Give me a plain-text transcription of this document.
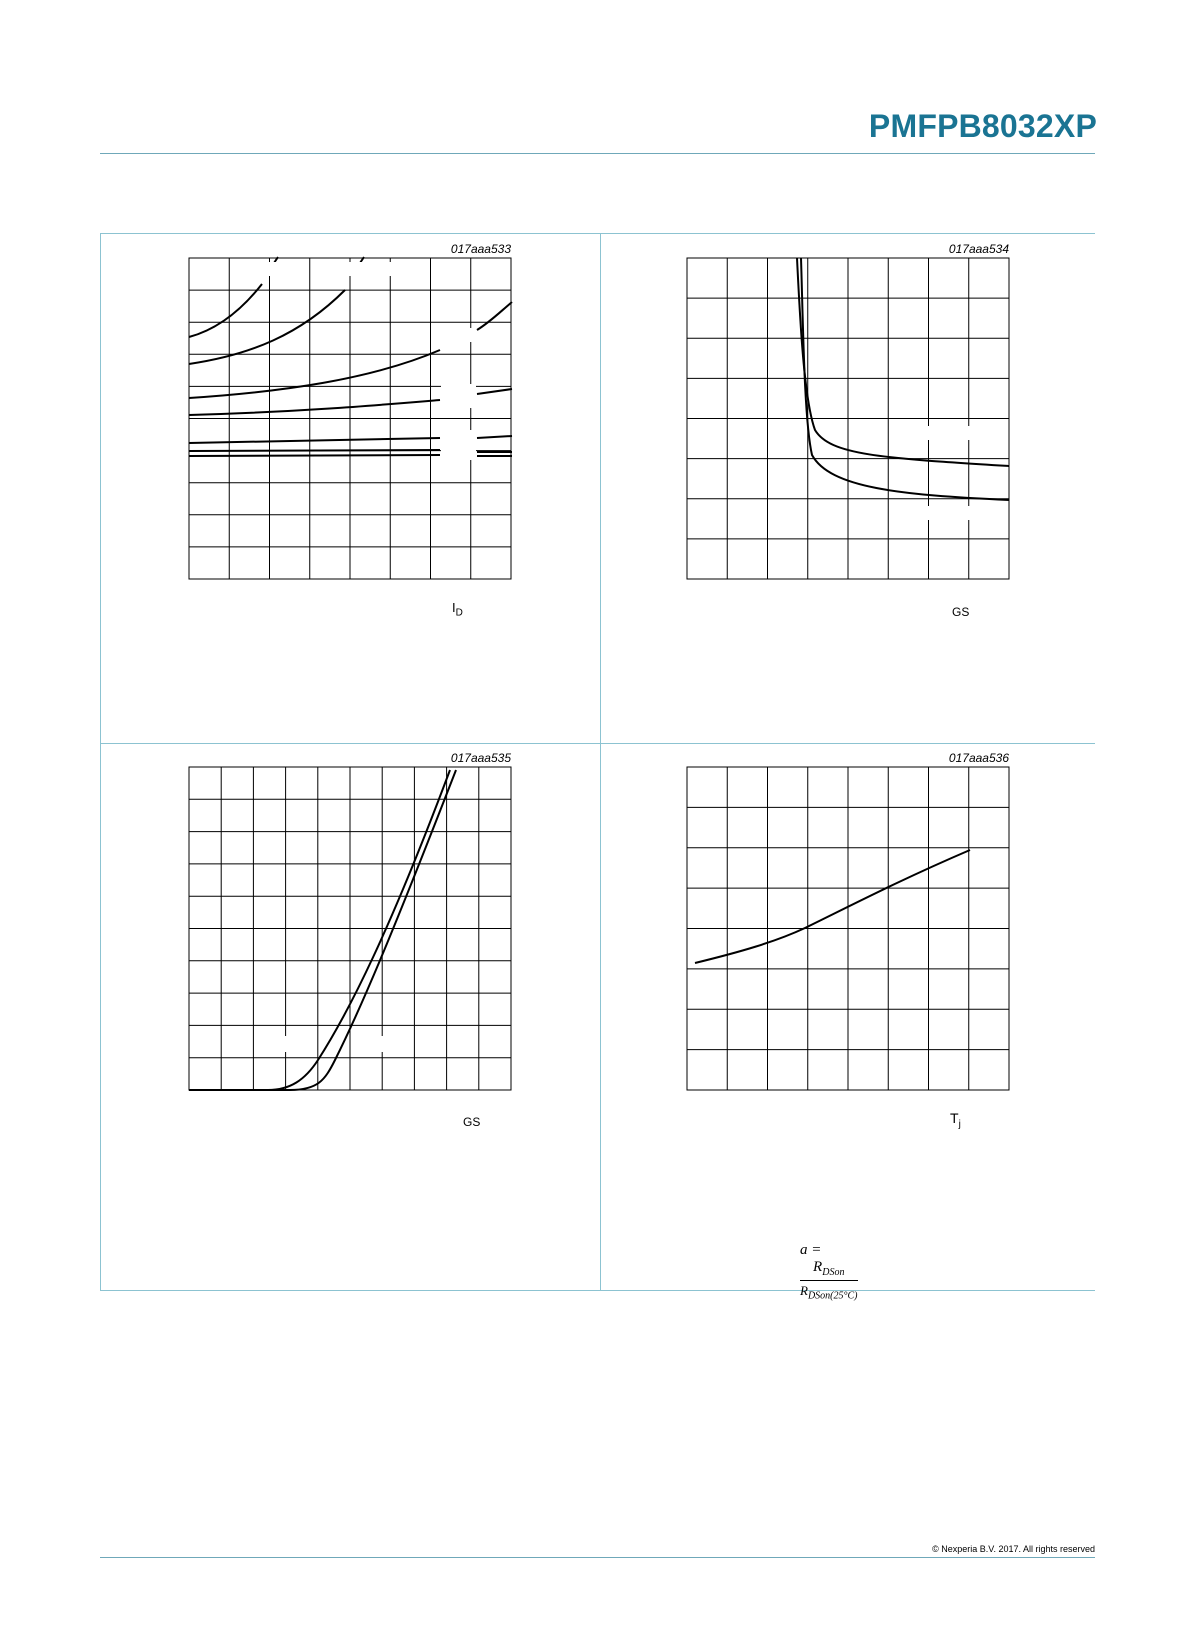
PMFPB8032XP
017aaa533
$I_D$
017aaa534
GS
017aaa535
GS
017aaa536
$T_j$
a =
$\frac{R_{DSon}}{R_{DSon(25^\circ C)}}$
© Nexperia B.V. 2017. All rights reserved
